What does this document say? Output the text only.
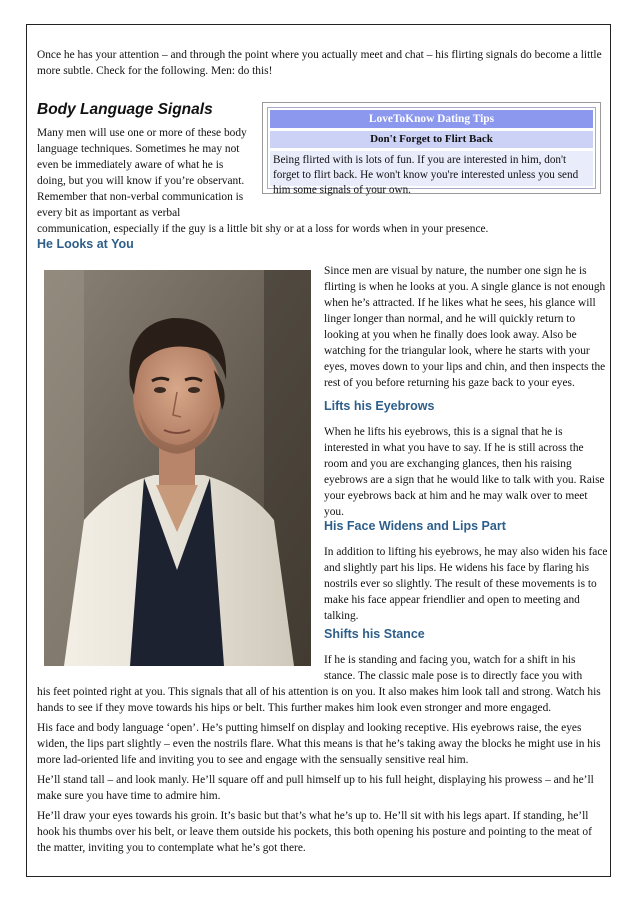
Once he has your attention – and through the point where you actually meet and chat – his flirting signals do become a little more subtle. Check for the following. Men: do this!
Body Language Signals
Many men will use one or more of these body
language techniques. Sometimes he may not
even be immediately aware of what he is
doing, but you will know if you’re observant.
Remember that non-verbal communication is
every bit as important as verbal
communication, especially if the guy is a little bit shy or at a loss for words when in your presence.
LoveToKnow Dating Tips
Don't Forget to Flirt Back
Being flirted with is lots of fun. If you are interested in him, don't forget to flirt back. He won't know you're interested unless you send him some signals of your own.
He Looks at You
Since men are visual by nature, the number one sign he is flirting is when he looks at you. A single glance is not enough when he’s attracted. If he likes what he sees, his glance will linger longer than normal, and he will quickly return to looking at you when he finally does look away. Also be watching for the triangular look, where he starts with your eyes, moves down to your lips and chin, and then inspects the rest of you before returning his gaze back to your eyes.
Lifts his Eyebrows
When he lifts his eyebrows, this is a signal that he is interested in what you have to say. If he is still across the room and you are exchanging glances, then his raising eyebrows are a sign that he would like to talk with you. Raise your eyebrows back at him and he may walk over to meet you.
His Face Widens and Lips Part
In addition to lifting his eyebrows, he may also widen his face and slightly part his lips. He widens his face by flaring his nostrils ever so slightly. The result of these movements is to make his face appear friendlier and open to meeting and talking.
Shifts his Stance
If he is standing and facing you, watch for a shift in his stance. The classic male pose is to directly face you with
his feet pointed right at you. This signals that all of his attention is on you. It also makes him look tall and strong. Watch his hands to see if they move towards his hips or belt. This further makes him look even stronger and more engaged.
His face and body language ‘open’. He’s putting himself on display and looking receptive. His eyebrows raise, the eyes widen, the lips part slightly – even the nostrils flare. What this means is that he’s taking away the blocks he might use in his more lad-oriented life and inviting you to see and engage with the sensually sensitive real him.
He’ll stand tall – and look manly. He’ll square off and pull himself up to his full height, displaying his prowess – and he’ll make sure you have time to admire him.
He’ll draw your eyes towards his groin. It’s basic but that’s what he’s up to. He’ll sit with his legs apart. If standing, he’ll hook his thumbs over his belt, or leave them outside his pockets, this both opening his posture and pointing to the meat of the matter, inviting you to contemplate what he’s got there.
